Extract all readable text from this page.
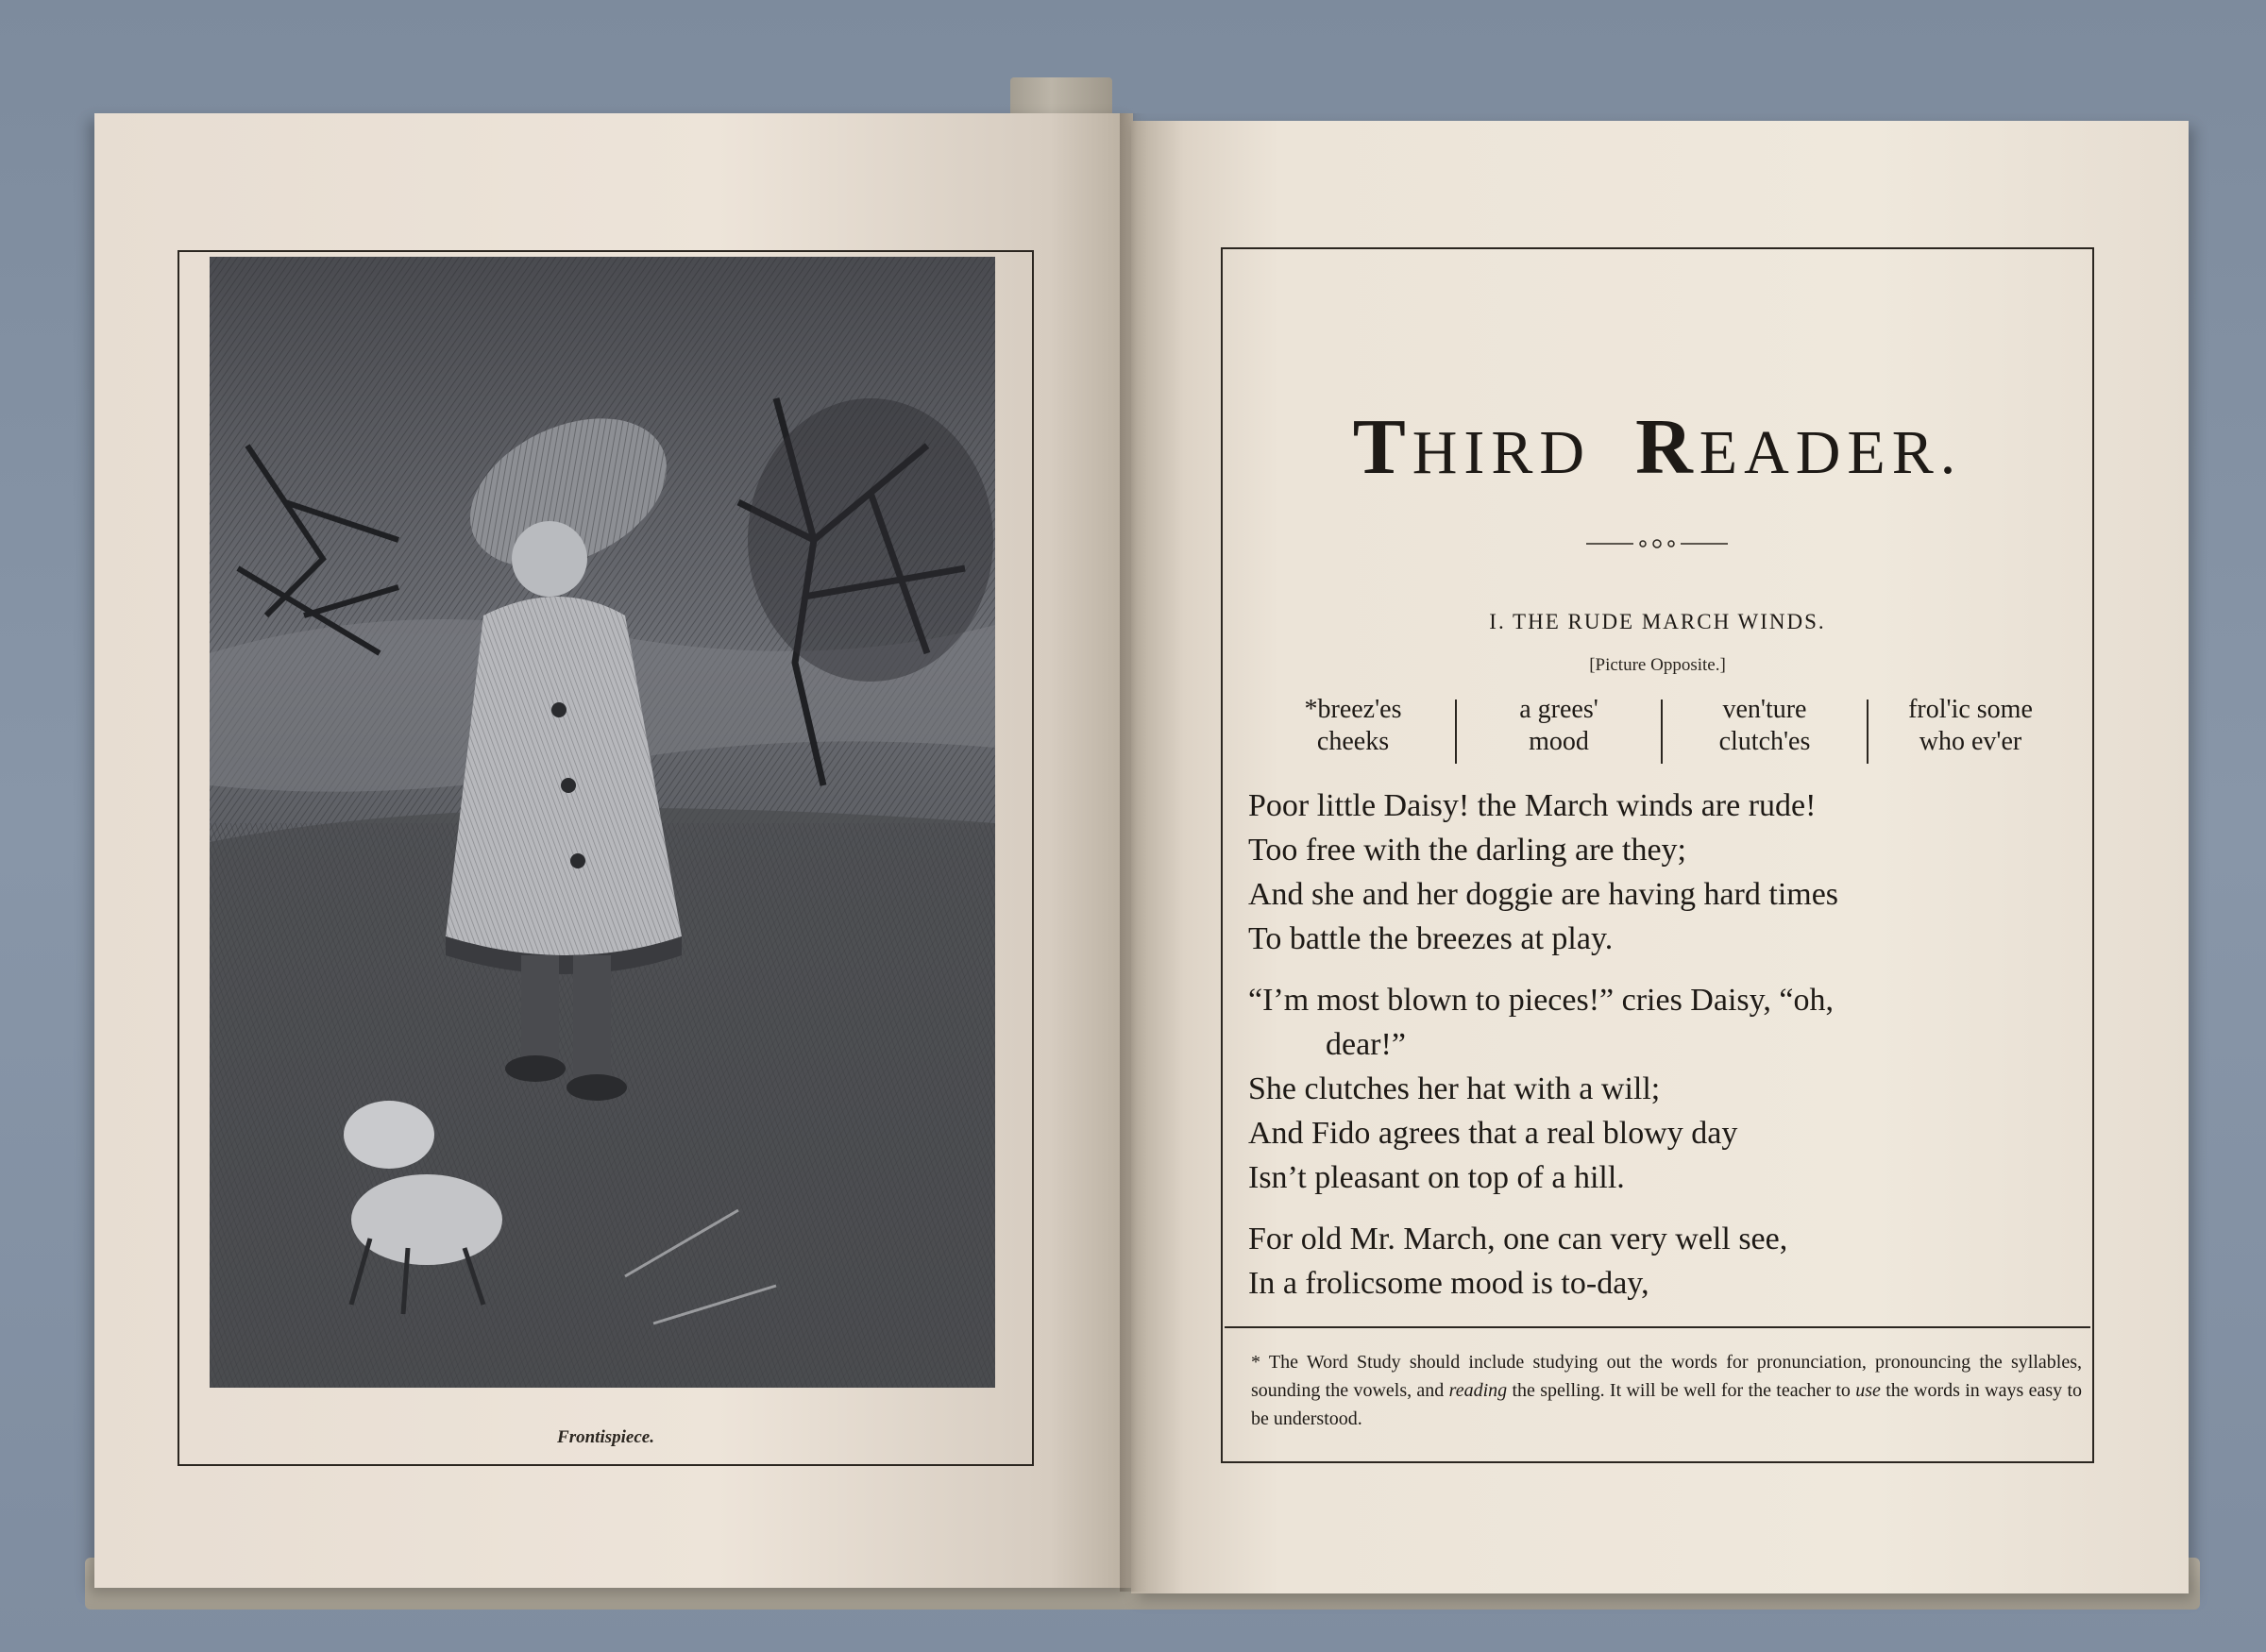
Frontispiece.
THIRD READER.
I. THE RUDE MARCH WINDS.
[Picture Opposite.]
*breez'es
cheeks
a grees'
mood
ven'ture
clutch'es
frol'ic some
who ev'er
Poor little Daisy! the March winds are rude!
Too free with the darling are they;
And she and her doggie are having hard times
To battle the breezes at play.
“I’m most blown to pieces!” cries Daisy, “oh,
dear!”
She clutches her hat with a will;
And Fido agrees that a real blowy day
Isn’t pleasant on top of a hill.
For old Mr. March, one can very well see,
In a frolicsome mood is to-day,
* The Word Study should include studying out the words for pronunciation, pronouncing the syllables, sounding the vowels, and reading the spelling. It will be well for the teacher to use the words in ways easy to be understood.
